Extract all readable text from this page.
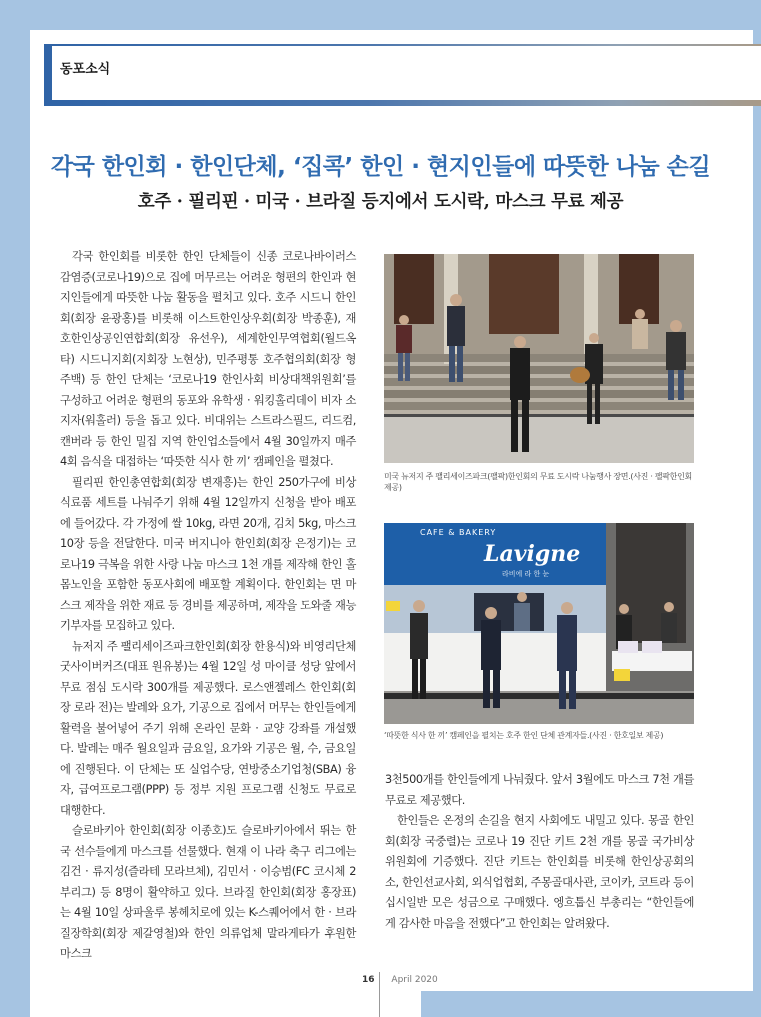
동포소식
각국 한인회 · 한인단체, ‘집콕’ 한인 · 현지인들에 따뜻한 나눔 손길
호주 · 필리핀 · 미국 · 브라질 등지에서 도시락, 마스크 무료 제공

각국 한인회를 비롯한 한인 단체들이 신종 코로나바이러스 감염증(코로나19)으로 집에 머무르는 어려운 형편의 한인과 현지인들에게 따뜻한 나눔 활동을 펼치고 있다. 호주 시드니 한인회(회장 윤광홍)를 비롯해 이스트한인상우회(회장 박종훈), 재호한인상공인연합회(회장 유선우), 세계한인무역협회(월드옥타) 시드니지회(지회장 노현상), 민주평통 호주협의회(회장 형주백) 등 한인 단체는 ‘코로나19 한인사회 비상대책위원회’를 구성하고 어려운 형편의 동포와 유학생 · 워킹홀리데이 비자 소지자(워홀러) 등을 돕고 있다. 비대위는 스트라스필드, 리드컴, 캔버라 등 한인 밀집 지역 한인업소들에서 4월 30일까지 매주 4회 음식을 대접하는 ‘따뜻한 식사 한 끼’ 캠페인을 펼쳤다.

필리핀 한인총연합회(회장 변재흥)는 한인 250가구에 비상식료품 세트를 나눠주기 위해 4월 12일까지 신청을 받아 배포에 들어갔다. 각 가정에 쌀 10kg, 라면 20개, 김치 5kg, 마스크 10장 등을 전달한다. 미국 버지니아 한인회(회장 은정기)는 코로나19 극복을 위한 사랑 나눔 마스크 1천 개를 제작해 한인 홀몸노인을 포함한 동포사회에 배포할 계획이다. 한인회는 면 마스크 제작을 위한 재료 등 경비를 제공하며, 제작을 도와줄 재능 기부자를 모집하고 있다.

뉴저지 주 팰리세이즈파크한인회(회장 한용식)와 비영리단체 굿사이버커즈(대표 원유봉)는 4월 12일 성 마이클 성당 앞에서 무료 점심 도시락 300개를 제공했다. 로스앤젤레스 한인회(회장 로라 전)는 발레와 요가, 기공으로 집에서 머무는 한인들에게 활력을 불어넣어 주기 위해 온라인 문화 · 교양 강좌를 개설했다. 발레는 매주 월요일과 금요일, 요가와 기공은 월, 수, 금요일에 진행된다. 이 단체는 또 실업수당, 연방중소기업청(SBA) 융자, 급여프로그램(PPP) 등 정부 지원 프로그램 신청도 무료로 대행한다.

슬로바키아 한인회(회장 이종호)도 슬로바키아에서 뛰는 한국 선수들에게 마스크를 선물했다. 현재 이 나라 축구 리그에는 김건 · 류지성(즐라테 모라브체), 김민서 · 이승범(FC 코시체 2부리그) 등 8명이 활약하고 있다. 브라질 한인회(회장 홍장표)는 4월 10일 상파울루 봉헤치로에 있는 K-스퀘어에서 한 · 브라질장학회(회장 제갈영철)와 한인 의류업체 말라게타가 후원한 마스크

미국 뉴저지 주 팰리세이즈파크(팰팍)한인회의 무료 도시락 나눔행사 장면.(사진 · 팰팍한인회 제공)
CAFE & BAKERY
Lavigne
라비에 라 한 눈
‘따뜻한 식사 한 끼’ 캠페인을 펼치는 호주 한인 단체 관계자들.(사진 · 한호일보 제공)

3천500개를 한인들에게 나눠줬다. 앞서 3월에도 마스크 7천 개를 무료로 제공했다.

한인들은 온정의 손길을 현지 사회에도 내밀고 있다. 몽골 한인회(회장 국중렬)는 코로나 19 진단 키트 2천 개를 몽골 국가비상위원회에 기증했다. 진단 키트는 한인회를 비롯해 한인상공회의소, 한인선교사회, 외식업협회, 주몽골대사관, 코이카, 코트라 등이 십시일반 모은 성금으로 구매했다. 엥흐툽신 부총리는 “한인들에게 감사한 마음을 전했다”고 한인회는 알려왔다.

16 April 2020
